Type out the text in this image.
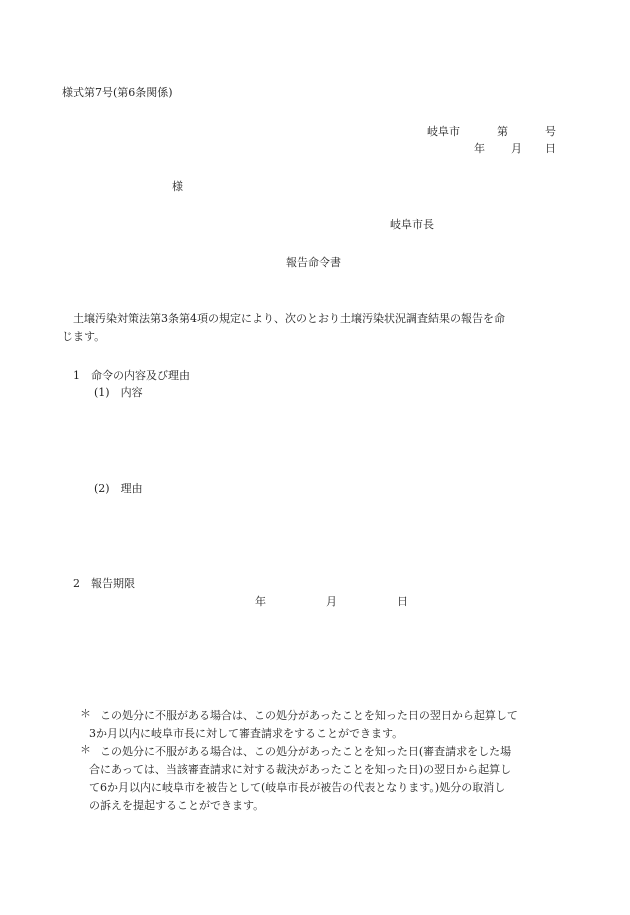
様式第7号(第6条関係)
岐阜市	第	号
年 月 日
様
岐阜市長
報告命令書

土壌汚染対策法第3条第4項の規定により、次のとおり土壌汚染状況調査結果の報告を命

じます。

1　命令の内容及び理由
(1)　内容
(2)　理由
2　報告期限
年	月	日
＊ この処分に不服がある場合は、この処分があったことを知った日の翌日から起算して

3か月以内に岐阜市長に対して審査請求をすることができます。

＊ この処分に不服がある場合は、この処分があったことを知った日(審査請求をした場

合にあっては、当該審査請求に対する裁決があったことを知った日)の翌日から起算し

て6か月以内に岐阜市を被告として(岐阜市長が被告の代表となります。)処分の取消し

の訴えを提起することができます。
